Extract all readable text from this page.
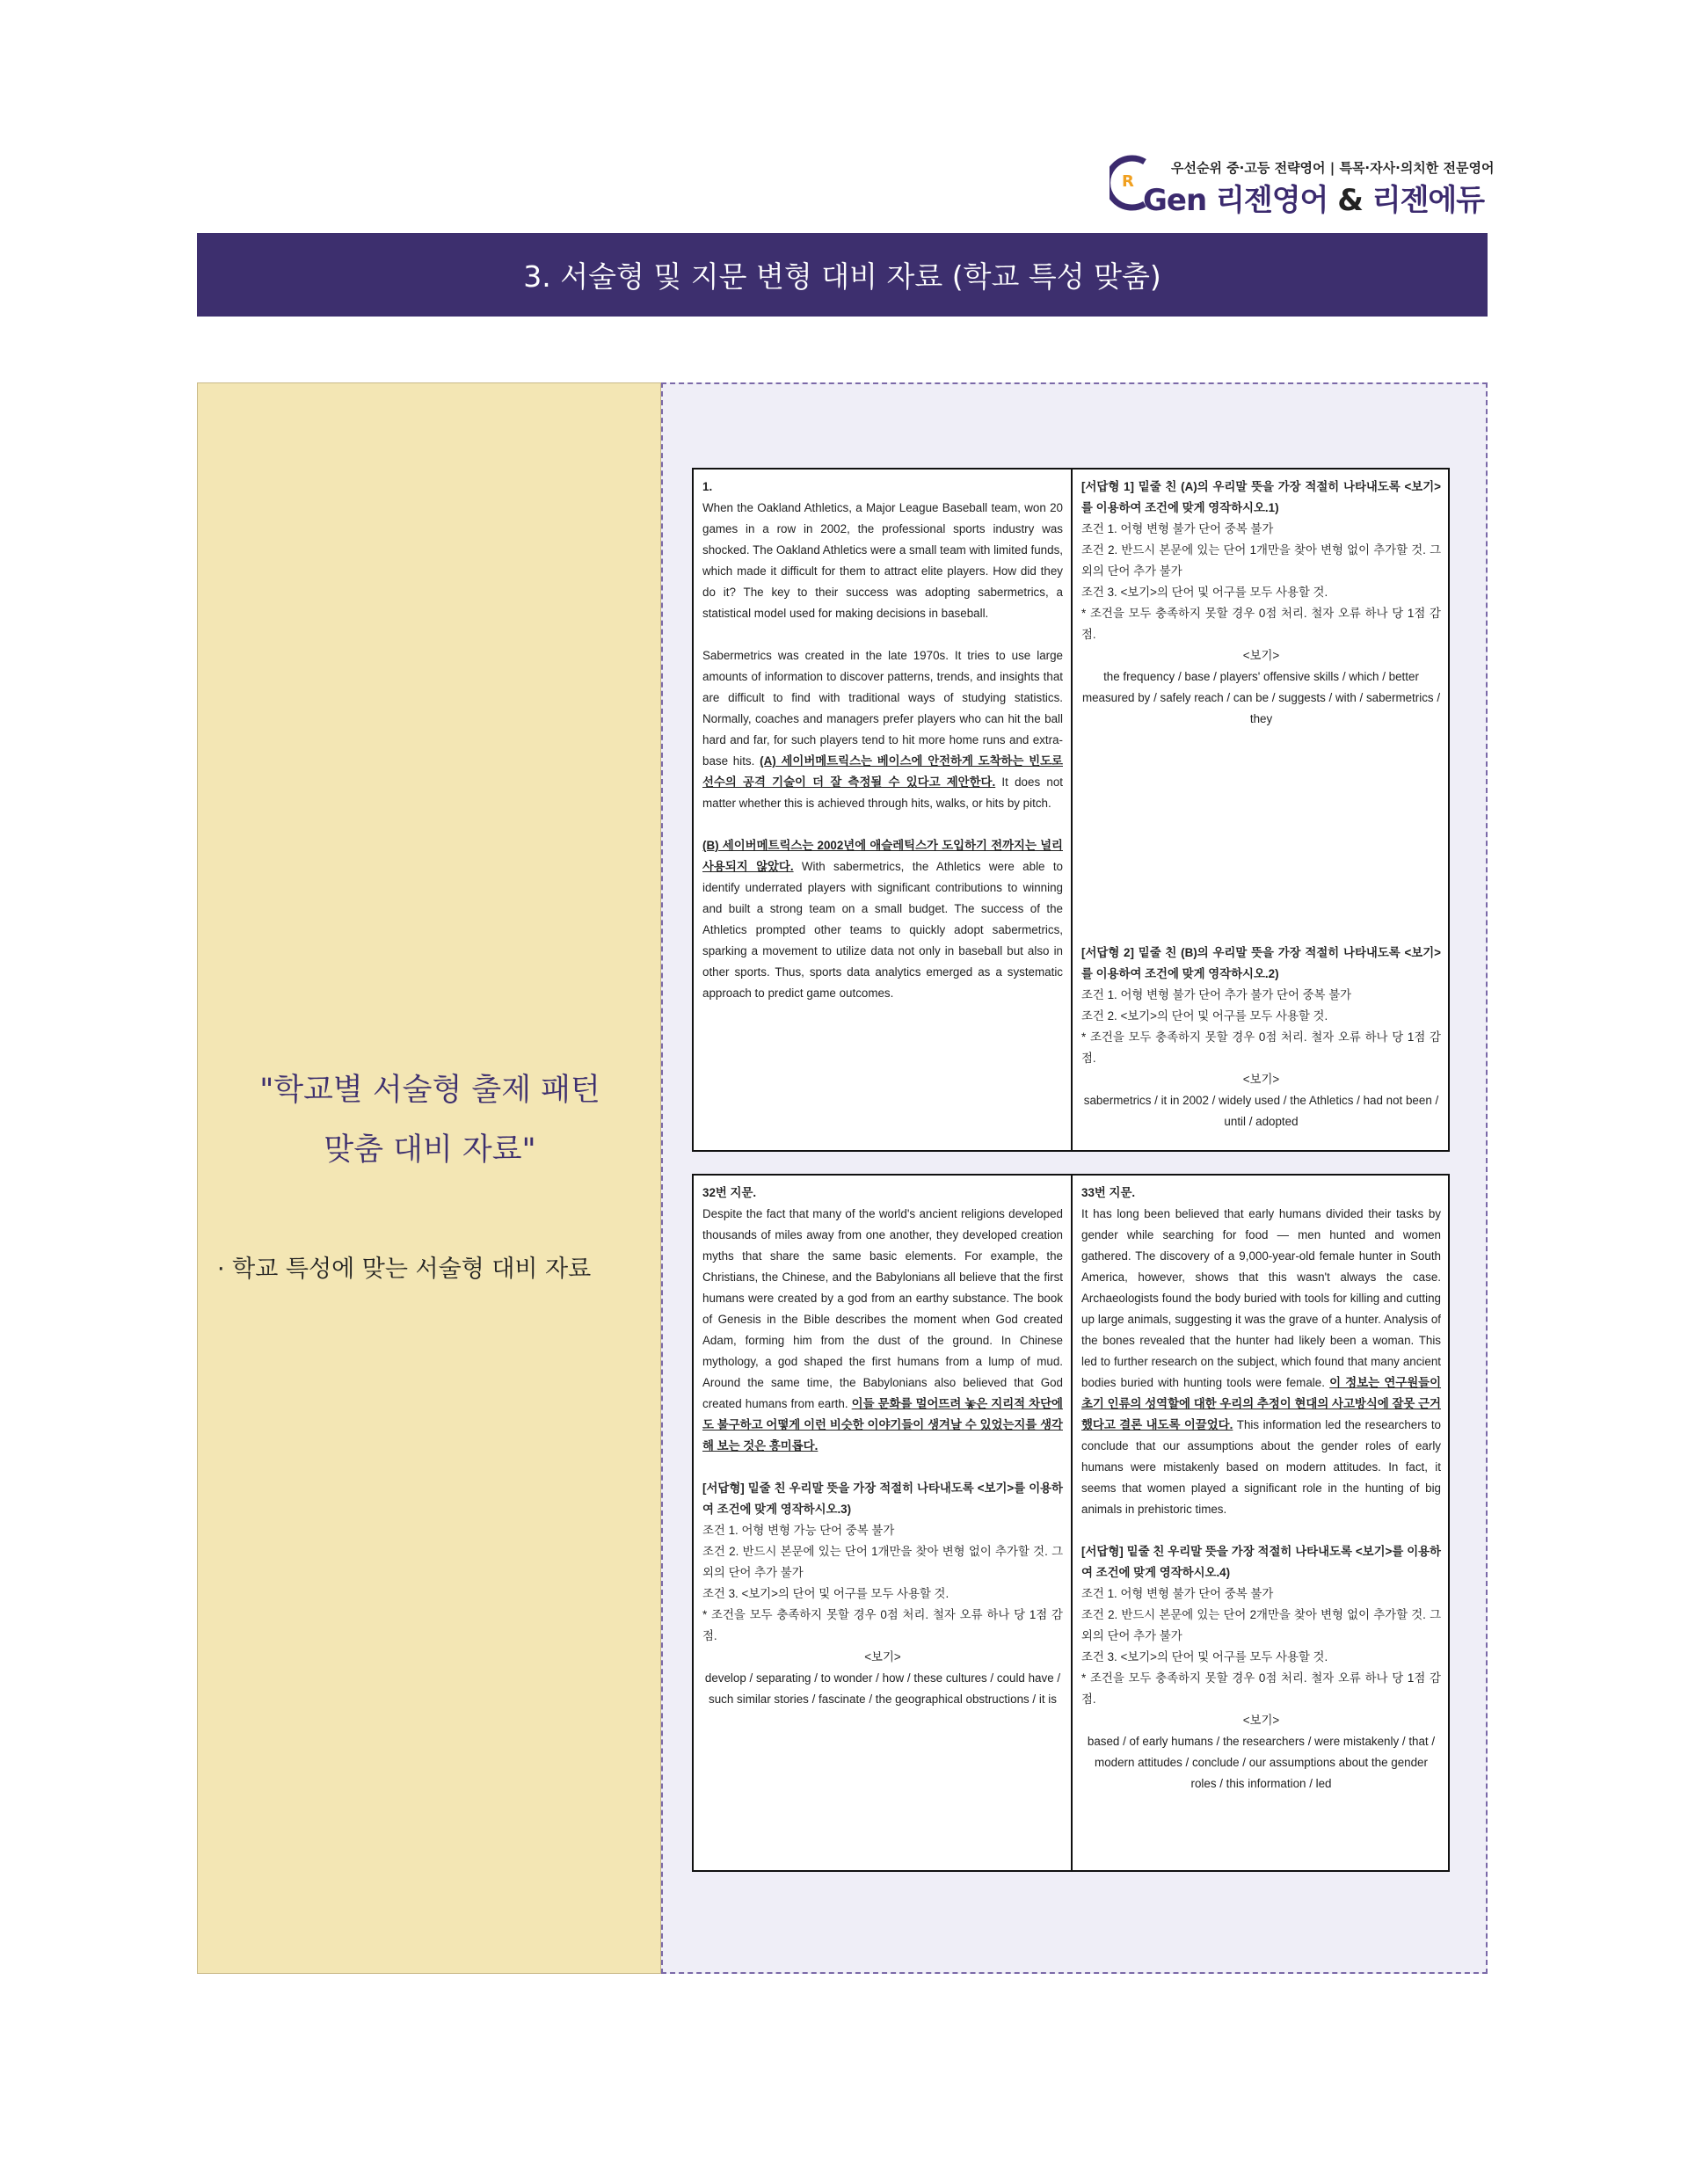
R
우선순위 중·고등 전략영어 | 특목·자사·의치한 전문영어
Gen 리젠영어 & 리젠에듀
3. 서술형 및 지문 변형 대비 자료 (학교 특성 맞춤)
"학교별 서술형 출제 패턴
맞춤 대비 자료"
· 학교 특성에 맞는 서술형 대비 자료
1.

When the Oakland Athletics, a Major League Baseball team, won 20 games in a row in 2002, the professional sports industry was shocked. The Oakland Athletics were a small team with limited funds, which made it difficult for them to attract elite players. How did they do it? The key to their success was adopting sabermetrics, a statistical model used for making decisions in baseball.

Sabermetrics was created in the late 1970s. It tries to use large amounts of information to discover patterns, trends, and insights that are difficult to find with traditional ways of studying statistics. Normally, coaches and managers prefer players who can hit the ball hard and far, for such players tend to hit more home runs and extra-base hits. (A) 세이버메트릭스는 베이스에 안전하게 도착하는 빈도로 선수의 공격 기술이 더 잘 측정될 수 있다고 제안한다. It does not matter whether this is achieved through hits, walks, or hits by pitch.

(B) 세이버메트릭스는 2002년에 애슬레틱스가 도입하기 전까지는 널리 사용되지 않았다. With sabermetrics, the Athletics were able to identify underrated players with significant contributions to winning and built a strong team on a small budget. The success of the Athletics prompted other teams to quickly adopt sabermetrics, sparking a movement to utilize data not only in baseball but also in other sports. Thus, sports data analytics emerged as a systematic approach to predict game outcomes.

[서답형 1] 밑줄 친 (A)의 우리말 뜻을 가장 적절히 나타내도록 <보기>를 이용하여 조건에 맞게 영작하시오.1)
조건 1. 어형 변형 불가 단어 중복 불가
조건 2. 반드시 본문에 있는 단어 1개만을 찾아 변형 없이 추가할 것. 그 외의 단어 추가 불가
조건 3. <보기>의 단어 및 어구를 모두 사용할 것.
* 조건을 모두 충족하지 못할 경우 0점 처리. 철자 오류 하나 당 1점 감점.
<보기>
the frequency / base / players' offensive skills / which / better measured by / safely reach / can be / suggests / with / sabermetrics / they
[서답형 2] 밑줄 친 (B)의 우리말 뜻을 가장 적절히 나타내도록 <보기>를 이용하여 조건에 맞게 영작하시오.2)
조건 1. 어형 변형 불가 단어 추가 불가 단어 중복 불가
조건 2. <보기>의 단어 및 어구를 모두 사용할 것.
* 조건을 모두 충족하지 못할 경우 0점 처리. 철자 오류 하나 당 1점 감점.
<보기>
sabermetrics / it in 2002 / widely used / the Athletics / had not been / until / adopted
32번 지문.

Despite the fact that many of the world's ancient religions developed thousands of miles away from one another, they developed creation myths that share the same basic elements. For example, the Christians, the Chinese, and the Babylonians all believe that the first humans were created by a god from an earthy substance. The book of Genesis in the Bible describes the moment when God created Adam, forming him from the dust of the ground. In Chinese mythology, a god shaped the first humans from a lump of mud. Around the same time, the Babylonians also believed that God created humans from earth. 이들 문화를 멀어뜨려 놓은 지리적 차단에도 불구하고 어떻게 이런 비슷한 이야기들이 생겨날 수 있었는지를 생각해 보는 것은 흥미롭다.

[서답형] 밑줄 친 우리말 뜻을 가장 적절히 나타내도록 <보기>를 이용하여 조건에 맞게 영작하시오.3)
조건 1. 어형 변형 가능 단어 중복 불가
조건 2. 반드시 본문에 있는 단어 1개만을 찾아 변형 없이 추가할 것. 그 외의 단어 추가 불가
조건 3. <보기>의 단어 및 어구를 모두 사용할 것.
* 조건을 모두 충족하지 못할 경우 0점 처리. 철자 오류 하나 당 1점 감점.
<보기>
develop / separating / to wonder / how / these cultures / could have / such similar stories / fascinate / the geographical obstructions / it is
33번 지문.

It has long been believed that early humans divided their tasks by gender while searching for food — men hunted and women gathered. The discovery of a 9,000-year-old female hunter in South America, however, shows that this wasn't always the case. Archaeologists found the body buried with tools for killing and cutting up large animals, suggesting it was the grave of a hunter. Analysis of the bones revealed that the hunter had likely been a woman. This led to further research on the subject, which found that many ancient bodies buried with hunting tools were female. 이 정보는 연구원들이 초기 인류의 성역할에 대한 우리의 추정이 현대의 사고방식에 잘못 근거했다고 결론 내도록 이끌었다. This information led the researchers to conclude that our assumptions about the gender roles of early humans were mistakenly based on modern attitudes. In fact, it seems that women played a significant role in the hunting of big animals in prehistoric times.

[서답형] 밑줄 친 우리말 뜻을 가장 적절히 나타내도록 <보기>를 이용하여 조건에 맞게 영작하시오.4)
조건 1. 어형 변형 불가 단어 중복 불가
조건 2. 반드시 본문에 있는 단어 2개만을 찾아 변형 없이 추가할 것. 그 외의 단어 추가 불가
조건 3. <보기>의 단어 및 어구를 모두 사용할 것.
* 조건을 모두 충족하지 못할 경우 0점 처리. 철자 오류 하나 당 1점 감점.
<보기>
based / of early humans / the researchers / were mistakenly / that / modern attitudes / conclude / our assumptions about the gender roles / this information / led
